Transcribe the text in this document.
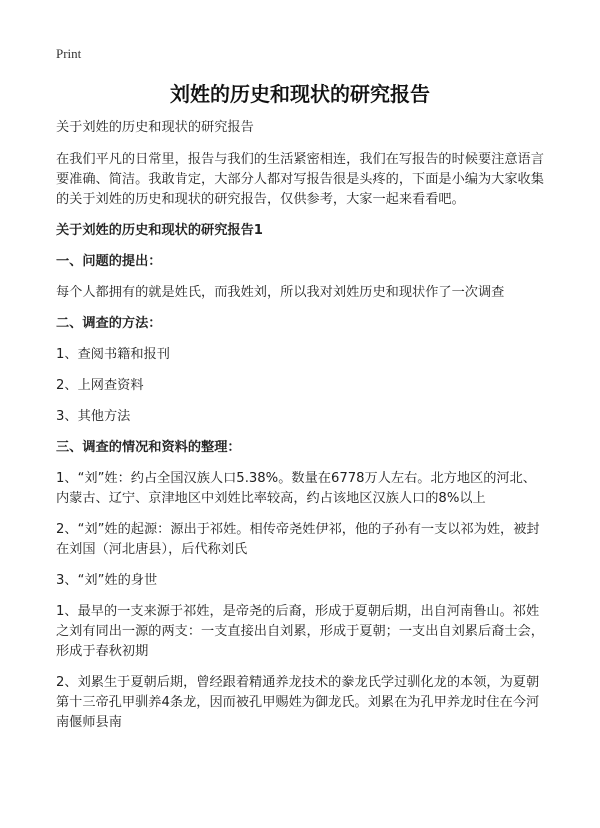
Print
刘姓的历史和现状的研究报告

关于刘姓的历史和现状的研究报告

在我们平凡的日常里，报告与我们的生活紧密相连，我们在写报告的时候要注意语言要准确、简洁。我敢肯定，大部分人都对写报告很是头疼的，下面是小编为大家收集的关于刘姓的历史和现状的研究报告，仅供参考，大家一起来看看吧。

关于刘姓的历史和现状的研究报告1

一、问题的提出：

每个人都拥有的就是姓氏，而我姓刘，所以我对刘姓历史和现状作了一次调查

二、调查的方法：

1、查阅书籍和报刊

2、上网查资料

3、其他方法

三、调查的情况和资料的整理：

1、“刘”姓：约占全国汉族人口5.38%。数量在6778万人左右。北方地区的河北、内蒙古、辽宁、京津地区中刘姓比率较高，约占该地区汉族人口的8%以上

2、“刘”姓的起源：源出于祁姓。相传帝尧姓伊祁，他的子孙有一支以祁为姓，被封在刘国（河北唐县），后代称刘氏

3、“刘”姓的身世

1、最早的一支来源于祁姓，是帝尧的后裔，形成于夏朝后期，出自河南鲁山。祁姓之刘有同出一源的两支：一支直接出自刘累，形成于夏朝；一支出自刘累后裔士会，形成于春秋初期

2、刘累生于夏朝后期，曾经跟着精通养龙技术的豢龙氏学过驯化龙的本领，为夏朝第十三帝孔甲驯养4条龙，因而被孔甲赐姓为御龙氏。刘累在为孔甲养龙时住在今河南偃师县南
